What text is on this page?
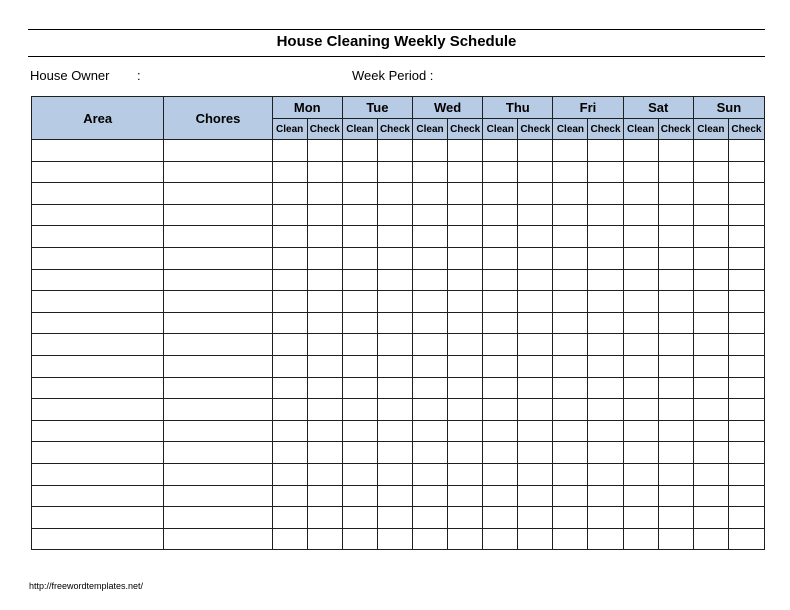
House Cleaning Weekly Schedule
House Owner :	Week Period :
Area	Chores	Mon		Tue		Wed		Thu		Fri		Sat		Sun	
		Clean	Check	Clean	Check	Clean	Check	Clean	Check	Clean	Check	Clean	Check	Clean	Check

http://freewordtemplates.net/
